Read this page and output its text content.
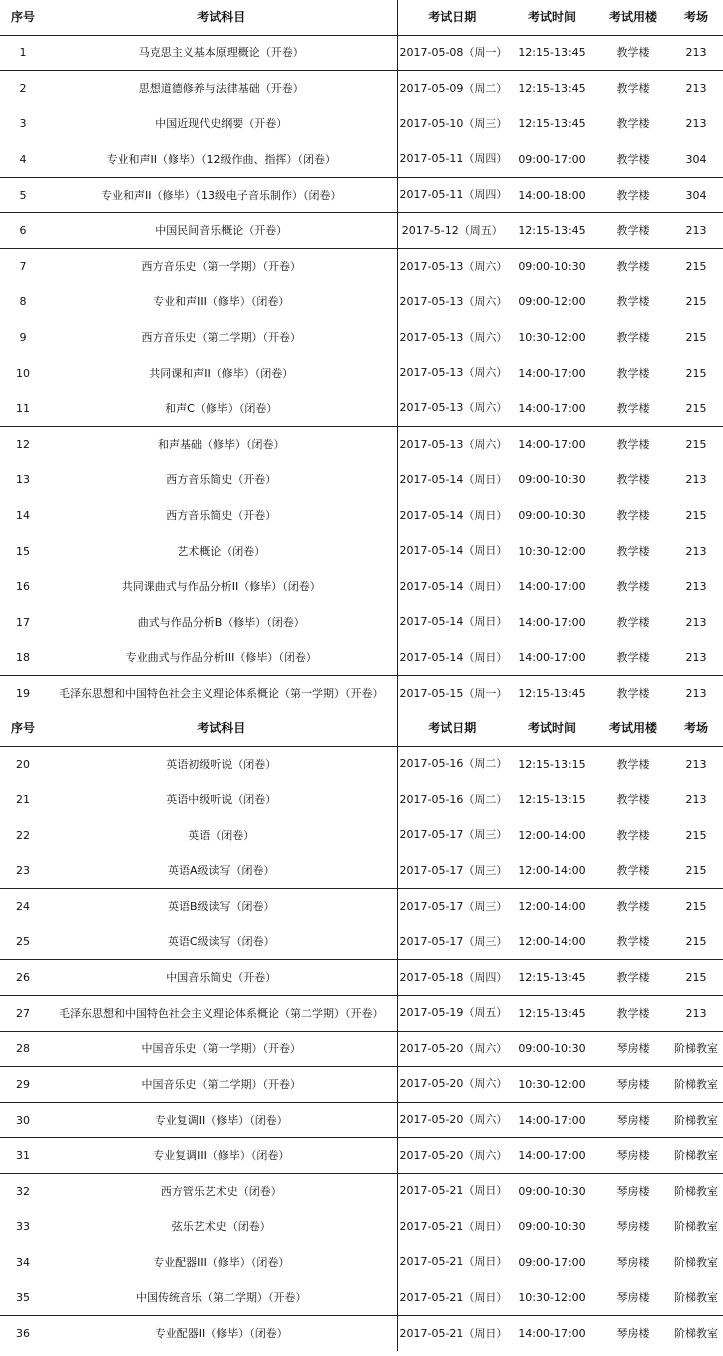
序号	考试科目	考试日期	考试时间	考试用楼	考场
1	马克思主义基本原理概论（开卷）	2017-05-08（周一）	12:15-13:45	教学楼	213
2	思想道德修养与法律基础（开卷）	2017-05-09（周二）	12:15-13:45	教学楼	213
3	中国近现代史纲要（开卷）	2017-05-10（周三）	12:15-13:45	教学楼	213
4	专业和声II（修毕）（12级作曲、指挥）（闭卷）	2017-05-11（周四）	09:00-17:00	教学楼	304
5	专业和声II（修毕）（13级电子音乐制作）（闭卷）	2017-05-11（周四）	14:00-18:00	教学楼	304
6	中国民间音乐概论（开卷）	2017-5-12（周五）	12:15-13:45	教学楼	213
7	西方音乐史（第一学期）（开卷）	2017-05-13（周六）	09:00-10:30	教学楼	215
8	专业和声III（修毕）（闭卷）	2017-05-13（周六）	09:00-12:00	教学楼	215
9	西方音乐史（第二学期）（开卷）	2017-05-13（周六）	10:30-12:00	教学楼	215
10	共同课和声II（修毕）（闭卷）	2017-05-13（周六）	14:00-17:00	教学楼	215
11	和声C（修毕）（闭卷）	2017-05-13（周六）	14:00-17:00	教学楼	215
12	和声基础（修毕）（闭卷）	2017-05-13（周六）	14:00-17:00	教学楼	215
13	西方音乐简史（开卷）	2017-05-14（周日）	09:00-10:30	教学楼	213
14	西方音乐简史（开卷）	2017-05-14（周日）	09:00-10:30	教学楼	215
15	艺术概论（闭卷）	2017-05-14（周日）	10:30-12:00	教学楼	213
16	共同课曲式与作品分析II（修毕）（闭卷）	2017-05-14（周日）	14:00-17:00	教学楼	213
17	曲式与作品分析B（修毕）（闭卷）	2017-05-14（周日）	14:00-17:00	教学楼	213
18	专业曲式与作品分析III（修毕）（闭卷）	2017-05-14（周日）	14:00-17:00	教学楼	213
19	毛泽东思想和中国特色社会主义理论体系概论（第一学期）（开卷）	2017-05-15（周一）	12:15-13:45	教学楼	213
序号	考试科目	考试日期	考试时间	考试用楼	考场
20	英语初级听说（闭卷）	2017-05-16（周二）	12:15-13:15	教学楼	213
21	英语中级听说（闭卷）	2017-05-16（周二）	12:15-13:15	教学楼	213
22	英语（闭卷）	2017-05-17（周三）	12:00-14:00	教学楼	215
23	英语A级读写（闭卷）	2017-05-17（周三）	12:00-14:00	教学楼	215
24	英语B级读写（闭卷）	2017-05-17（周三）	12:00-14:00	教学楼	215
25	英语C级读写（闭卷）	2017-05-17（周三）	12:00-14:00	教学楼	215
26	中国音乐简史（开卷）	2017-05-18（周四）	12:15-13:45	教学楼	215
27	毛泽东思想和中国特色社会主义理论体系概论（第二学期）（开卷）	2017-05-19（周五）	12:15-13:45	教学楼	213
28	中国音乐史（第一学期）（开卷）	2017-05-20（周六）	09:00-10:30	琴房楼	阶梯教室
29	中国音乐史（第二学期）（开卷）	2017-05-20（周六）	10:30-12:00	琴房楼	阶梯教室
30	专业复调II（修毕）（闭卷）	2017-05-20（周六）	14:00-17:00	琴房楼	阶梯教室
31	专业复调III（修毕）（闭卷）	2017-05-20（周六）	14:00-17:00	琴房楼	阶梯教室
32	西方管乐艺术史（闭卷）	2017-05-21（周日）	09:00-10:30	琴房楼	阶梯教室
33	弦乐艺术史（闭卷）	2017-05-21（周日）	09:00-10:30	琴房楼	阶梯教室
34	专业配器III（修毕）（闭卷）	2017-05-21（周日）	09:00-17:00	琴房楼	阶梯教室
35	中国传统音乐（第二学期）（开卷）	2017-05-21（周日）	10:30-12:00	琴房楼	阶梯教室
36	专业配器II（修毕）（闭卷）	2017-05-21（周日）	14:00-17:00	琴房楼	阶梯教室
